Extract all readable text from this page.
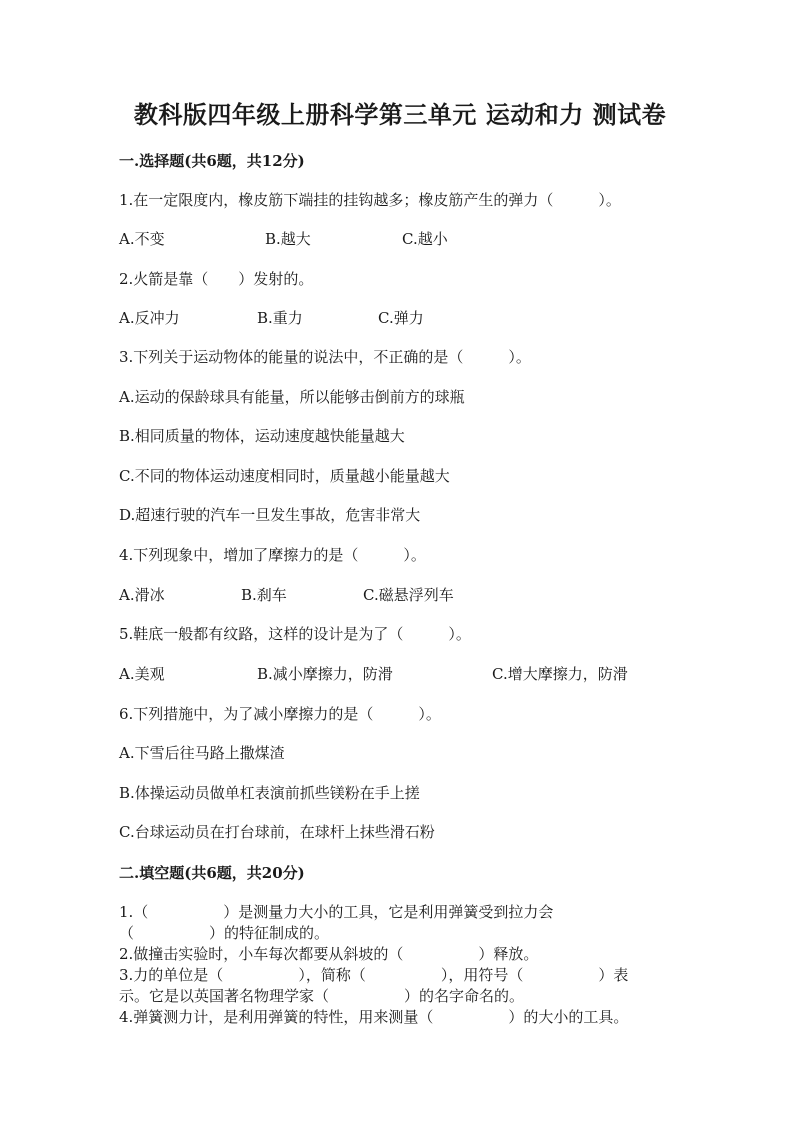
教科版四年级上册科学第三单元 运动和力 测试卷
一.选择题(共6题，共12分)
1.在一定限度内，橡皮筋下端挂的挂钩越多；橡皮筋产生的弹力（　　　）。
A.不变	B.越大	C.越小
2.火箭是靠（　　）发射的。
A.反冲力	B.重力	C.弹力
3.下列关于运动物体的能量的说法中，不正确的是（　　　）。
A.运动的保龄球具有能量，所以能够击倒前方的球瓶
B.相同质量的物体，运动速度越快能量越大
C.不同的物体运动速度相同时，质量越小能量越大
D.超速行驶的汽车一旦发生事故，危害非常大
4.下列现象中，增加了摩擦力的是（　　　）。
A.滑冰	B.刹车	C.磁悬浮列车
5.鞋底一般都有纹路，这样的设计是为了（　　　）。
A.美观	B.减小摩擦力，防滑	C.增大摩擦力，防滑
6.下列措施中，为了减小摩擦力的是（　　　）。
A.下雪后往马路上撒煤渣
B.体操运动员做单杠表演前抓些镁粉在手上搓
C.台球运动员在打台球前，在球杆上抹些滑石粉
二.填空题(共6题，共20分)
1.（　　　　　）是测量力大小的工具，它是利用弹簧受到拉力会
（　　　　　）的特征制成的。
2.做撞击实验时，小车每次都要从斜坡的（　　　　　）释放。
3.力的单位是（　　　　　），简称（　　　　　），用符号（　　　　　）表
示。它是以英国著名物理学家（　　　　　）的名字命名的。
4.弹簧测力计，是利用弹簧的特性，用来测量（　　　　　）的大小的工具。
